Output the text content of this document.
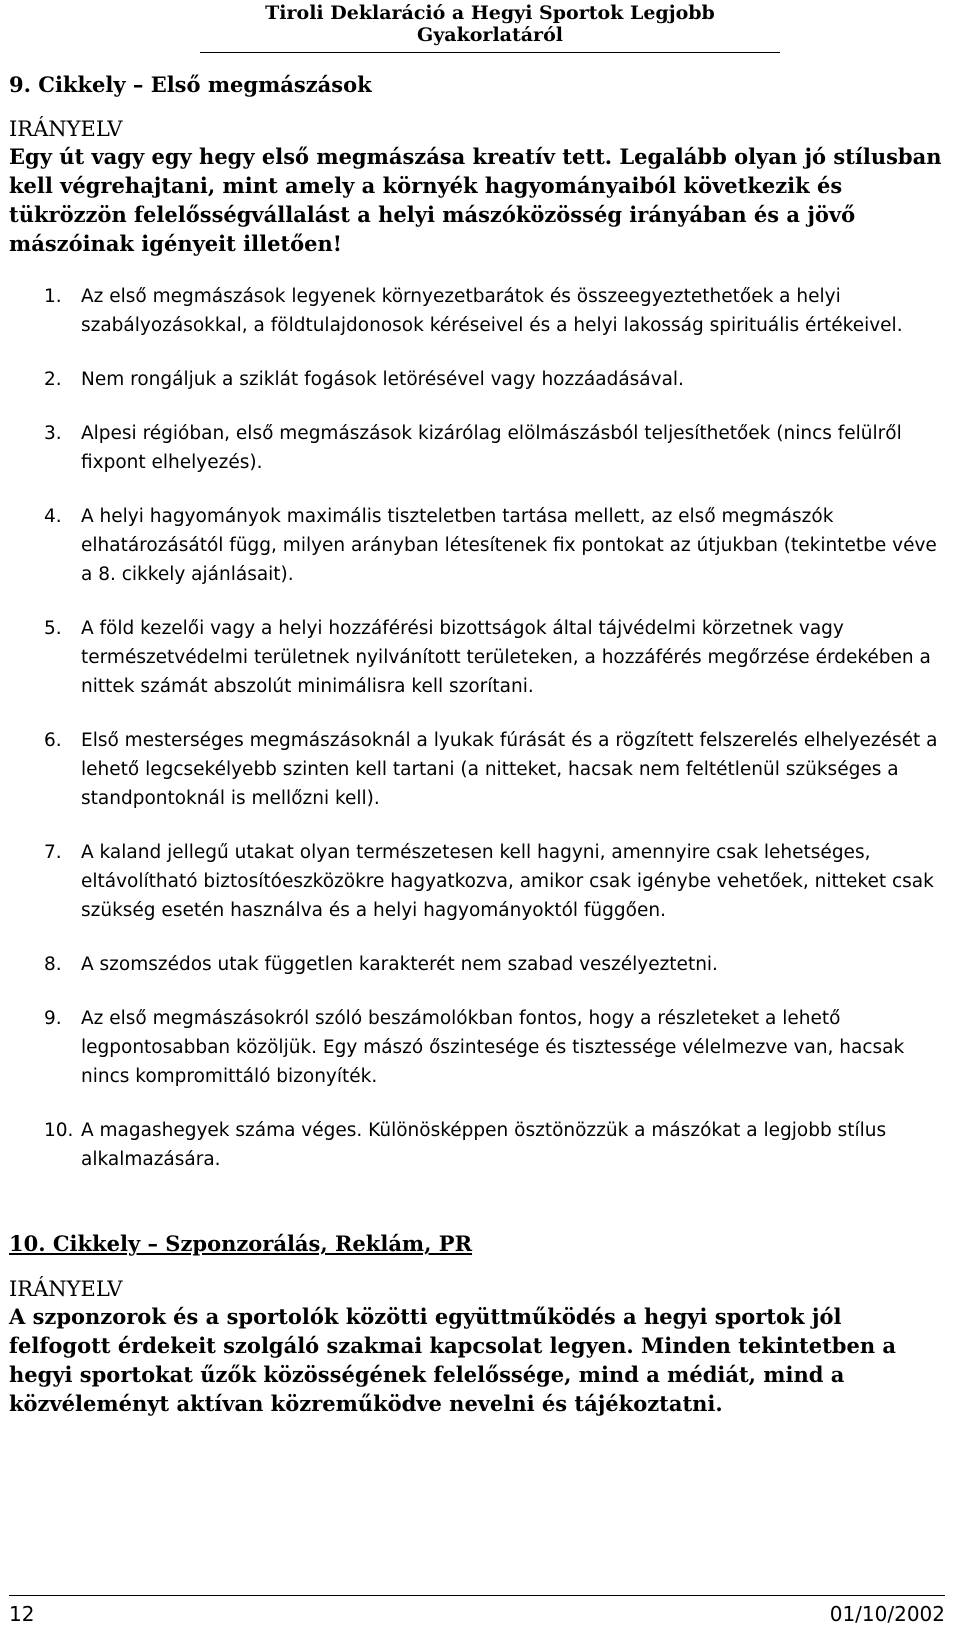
Tiroli Deklaráció a Hegyi Sportok Legjobb Gyakorlatáról
9. Cikkely – Első megmászások

IRÁNYELV

Egy út vagy egy hegy első megmászása kreatív tett. Legalább olyan jó stílusban kell végrehajtani, mint amely a környék hagyományaiból következik és tükrözzön felelősségvállalást a helyi mászóközösség irányában és a jövő mászóinak igényeit illetően!

1.	Az első megmászások legyenek környezetbarátok és összeegyeztethetőek a helyi szabályozásokkal, a földtulajdonosok kéréseivel és a helyi lakosság spirituális értékeivel.
2.	Nem rongáljuk a sziklát fogások letörésével vagy hozzáadásával.
3.	Alpesi régióban, első megmászások kizárólag elölmászásból teljesíthetőek (nincs felülről fixpont elhelyezés).
4.	A helyi hagyományok maximális tiszteletben tartása mellett, az első megmászók elhatározásától függ, milyen arányban létesítenek fix pontokat az útjukban (tekintetbe véve a 8. cikkely ajánlásait).
5.	A föld kezelői vagy a helyi hozzáférési bizottságok által tájvédelmi körzetnek vagy természetvédelmi területnek nyilvánított területeken, a hozzáférés megőrzése érdekében a nittek számát abszolút minimálisra kell szorítani.
6.	Első mesterséges megmászásoknál a lyukak fúrását és a rögzített felszerelés elhelyezését a lehető legcsekélyebb szinten kell tartani (a nitteket, hacsak nem feltétlenül szükséges a standpontoknál is mellőzni kell).
7.	A kaland jellegű utakat olyan természetesen kell hagyni, amennyire csak lehetséges, eltávolítható biztosítóeszközökre hagyatkozva, amikor csak igénybe vehetőek, nitteket csak szükség esetén használva és a helyi hagyományoktól függően.
8.	A szomszédos utak független karakterét nem szabad veszélyeztetni.
9.	Az első megmászásokról szóló beszámolókban fontos, hogy a részleteket a lehető legpontosabban közöljük. Egy mászó őszintesége és tisztessége vélelmezve van, hacsak nincs kompromittáló bizonyíték.
10. A magashegyek száma véges. Különösképpen ösztönözzük a mászókat a legjobb stílus alkalmazására.
10. Cikkely – Szponzorálás, Reklám, PR

IRÁNYELV

A szponzorok és a sportolók közötti együttműködés a hegyi sportok jól felfogott érdekeit szolgáló szakmai kapcsolat legyen. Minden tekintetben a hegyi sportokat űzők közösségének felelőssége, mind a médiát, mind a közvéleményt aktívan közreműködve nevelni és tájékoztatni.

12	01/10/2002
